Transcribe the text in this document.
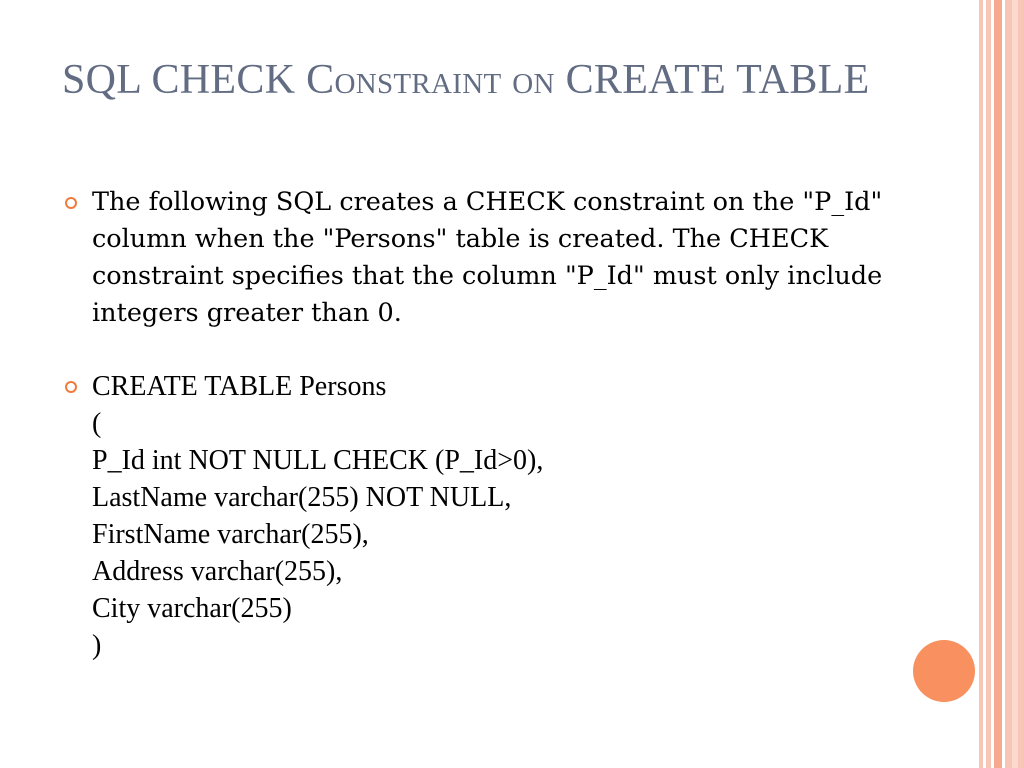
SQL CHECK Constraint on CREATE TABLE

The following SQL creates a CHECK constraint on the "P_Id" column when the "Persons" table is created. The CHECK constraint specifies that the column "P_Id" must only include integers greater than 0.

CREATE TABLE Persons
(
P_Id int NOT NULL CHECK (P_Id>0),
LastName varchar(255) NOT NULL,
FirstName varchar(255),
Address varchar(255),
City varchar(255)
)
